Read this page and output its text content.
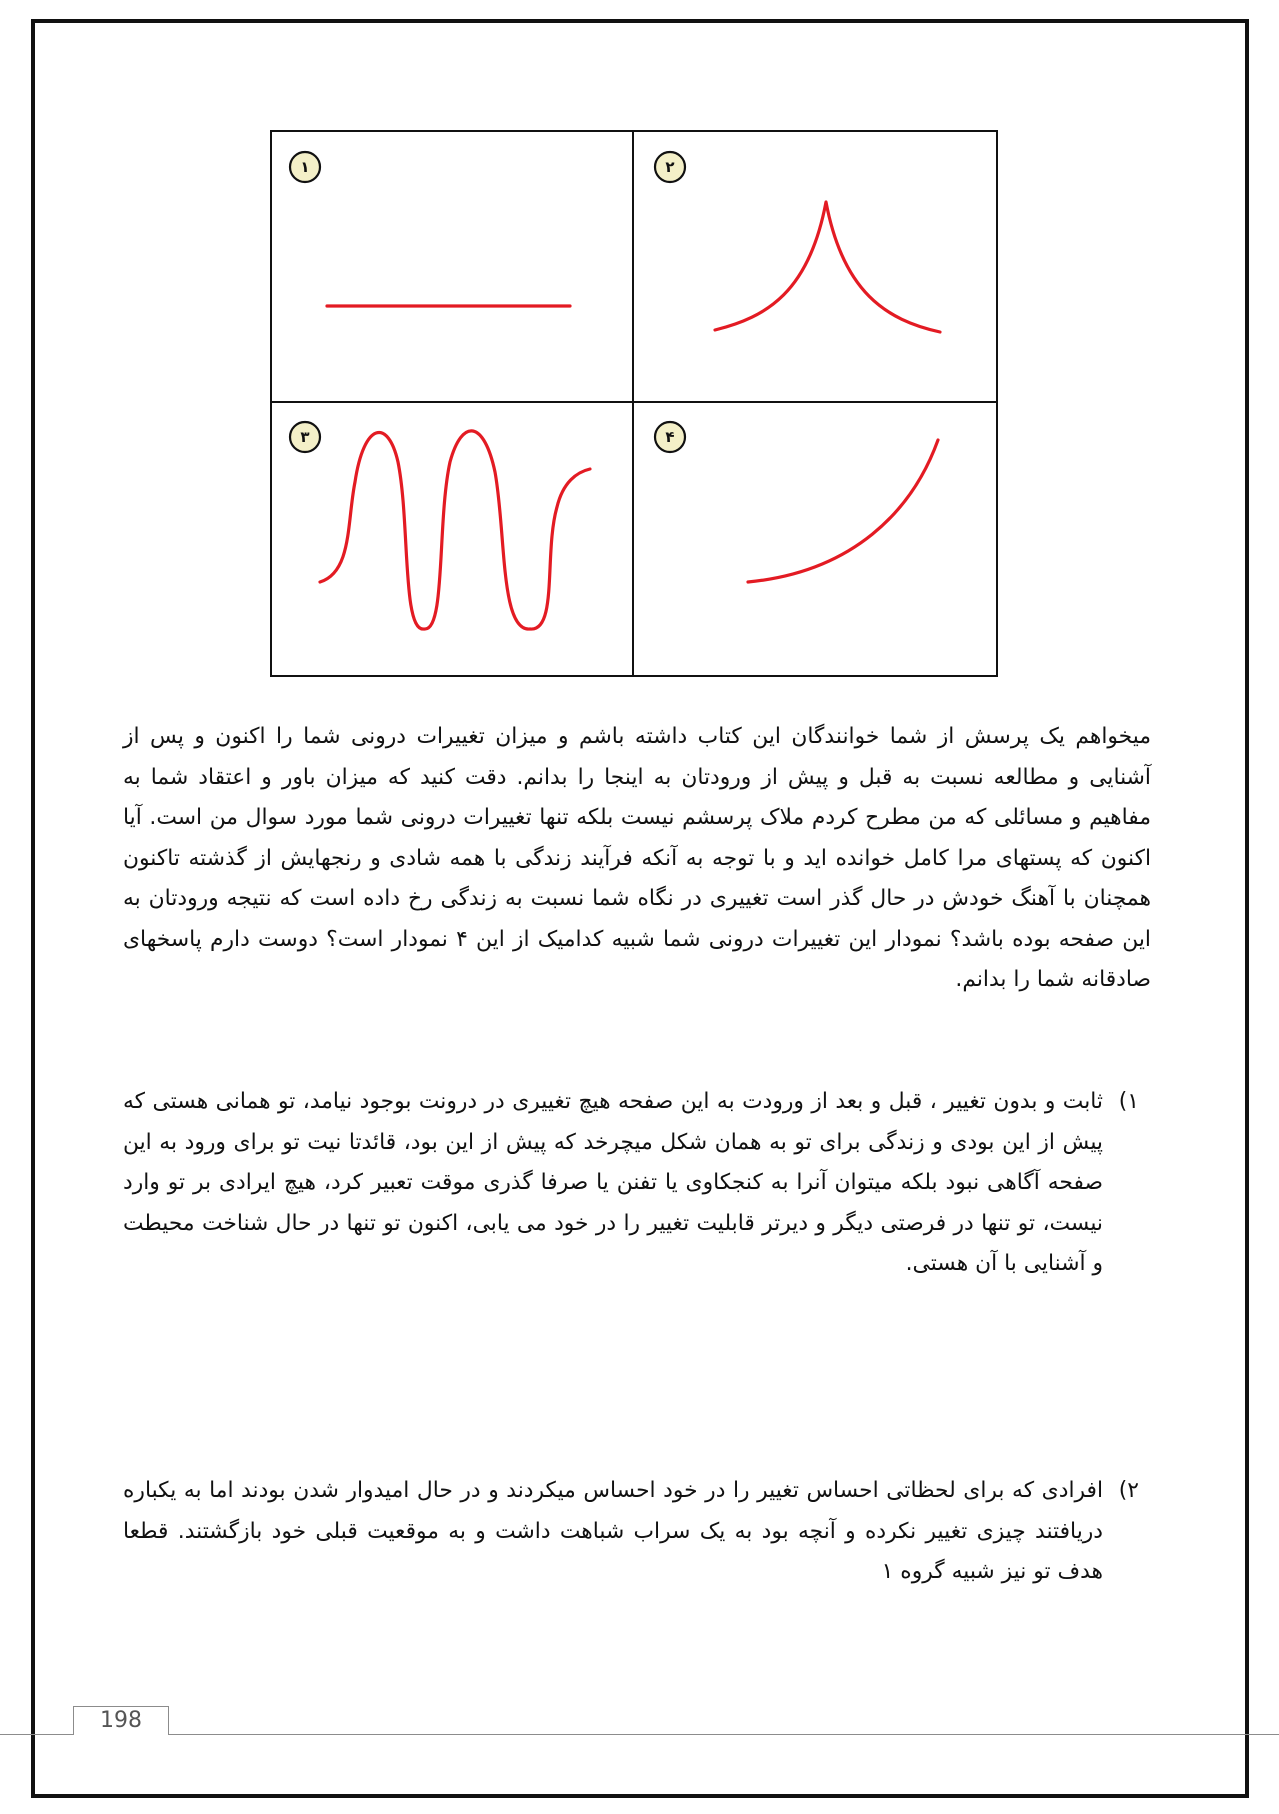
۱	۲
۳	۴

میخواهم یک پرسش از شما خوانندگان این کتاب داشته باشم و میزان تغییرات درونی شما را اکنون و پس از آشنایی و مطالعه نسبت به قبل و پیش از ورودتان به اینجا را بدانم. دقت کنید که میزان باور و اعتقاد شما به مفاهیم و مسائلی که من مطرح کردم ملاک پرسشم نیست بلکه تنها تغییرات درونی شما مورد سوال من است. آیا اکنون که پستهای مرا کامل خوانده اید و با توجه به آنکه فرآیند زندگی با همه شادی و رنجهایش از گذشته تاکنون همچنان با آهنگ خودش در حال گذر است تغییری در نگاه شما نسبت به زندگی رخ داده است که نتیجه ورودتان به این صفحه بوده باشد؟ نمودار این تغییرات درونی شما شبیه کدامیک از این ۴ نمودار است؟ دوست دارم پاسخهای صادقانه شما را بدانم.

۱)
ثابت و بدون تغییر ، قبل و بعد از ورودت به این صفحه هیچ تغییری در درونت بوجود نیامد، تو همانی هستی که پیش از این بودی و زندگی برای تو به همان شکل میچرخد که پیش از این بود، قائدتا نیت تو برای ورود به این صفحه آگاهی نبود بلکه میتوان آنرا به کنجکاوی یا تفنن یا صرفا گذری موقت تعبیر کرد، هیچ ایرادی بر تو وارد نیست، تو تنها در فرصتی دیگر و دیرتر قابلیت تغییر را در خود می یابی، اکنون تو تنها در حال شناخت محیطت و آشنایی با آن هستی.
۲)
افرادی که برای لحظاتی احساس تغییر را در خود احساس میکردند و در حال امیدوار شدن بودند اما به یکباره دریافتند چیزی تغییر نکرده و آنچه بود به یک سراب شباهت داشت و به موقعیت قبلی خود بازگشتند. قطعا هدف تو نیز شبیه گروه ۱
198
